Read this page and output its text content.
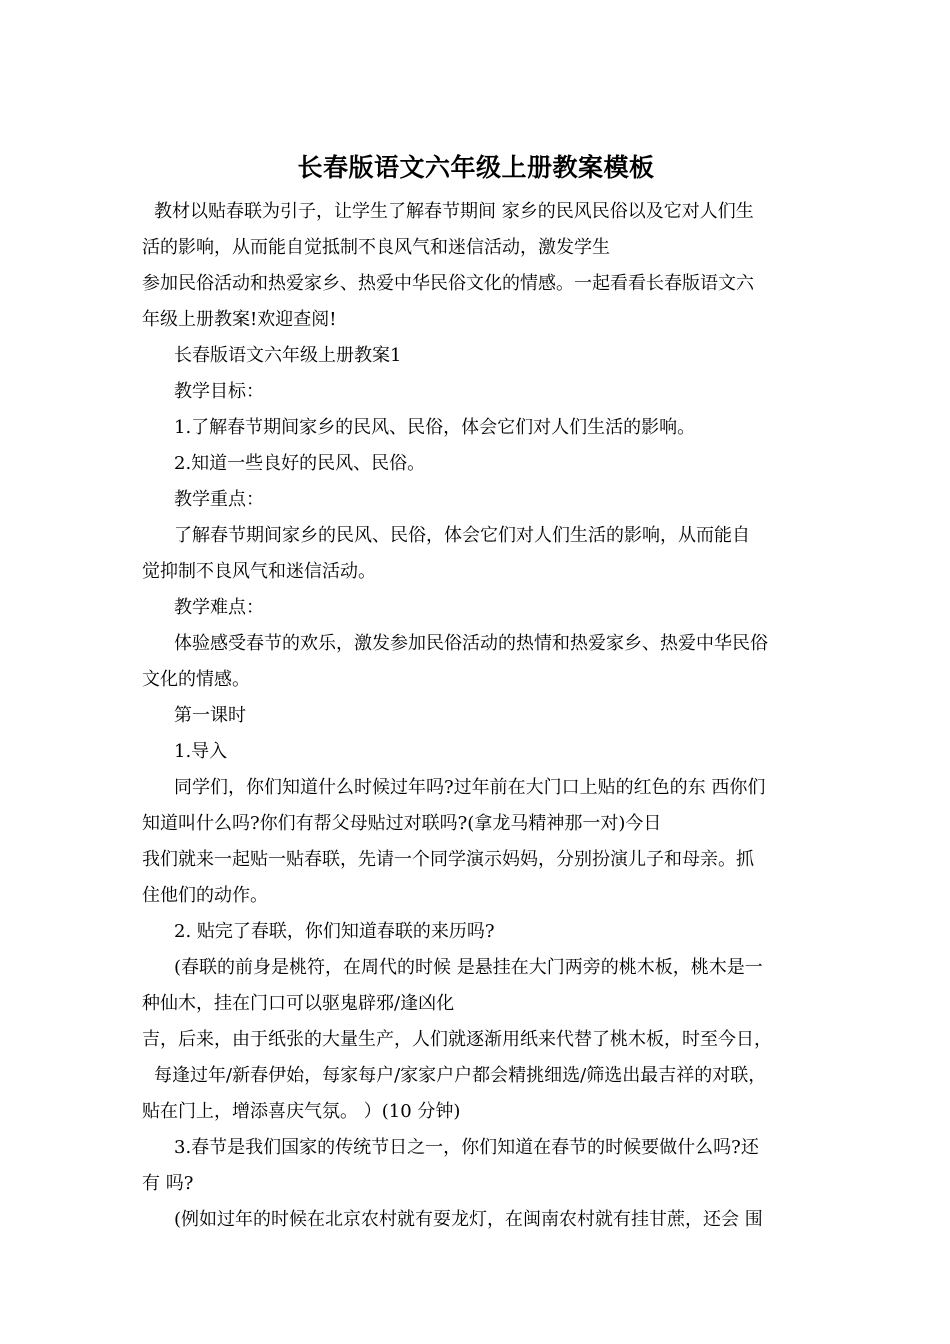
长春版语文六年级上册教案模板
教材以贴春联为引子，让学生了解春节期间 家乡的民风民俗以及它对人们生
活的影响，从而能自觉抵制不良风气和迷信活动，激发学生
参加民俗活动和热爱家乡、热爱中华民俗文化的情感。一起看看长春版语文六
年级上册教案!欢迎查阅!
长春版语文六年级上册教案1
教学目标：
1.了解春节期间家乡的民风、民俗，体会它们对人们生活的影响。
2.知道一些良好的民风、民俗。
教学重点：
了解春节期间家乡的民风、民俗，体会它们对人们生活的影响，从而能自
觉抑制不良风气和迷信活动。
教学难点：
体验感受春节的欢乐，激发参加民俗活动的热情和热爱家乡、热爱中华民俗
文化的情感。
第一课时
1.导入
同学们，你们知道什么时候过年吗?过年前在大门口上贴的红色的东 西你们
知道叫什么吗?你们有帮父母贴过对联吗?(拿龙马精神那一对)今日
我们就来一起贴一贴春联，先请一个同学演示妈妈，分别扮演儿子和母亲。抓
住他们的动作。
2. 贴完了春联，你们知道春联的来历吗?
(春联的前身是桃符，在周代的时候 是悬挂在大门两旁的桃木板，桃木是一
种仙木，挂在门口可以驱鬼辟邪/逢凶化
吉，后来，由于纸张的大量生产，人们就逐渐用纸来代替了桃木板，时至今日，
每逢过年/新春伊始，每家每户/家家户户都会精挑细选/筛选出最吉祥的对联，
贴在门上，增添喜庆气氛。 ）(10 分钟)
3.春节是我们国家的传统节日之一，你们知道在春节的时候要做什么吗?还
有 吗?
(例如过年的时候在北京农村就有耍龙灯，在闽南农村就有挂甘蔗，还会 围
